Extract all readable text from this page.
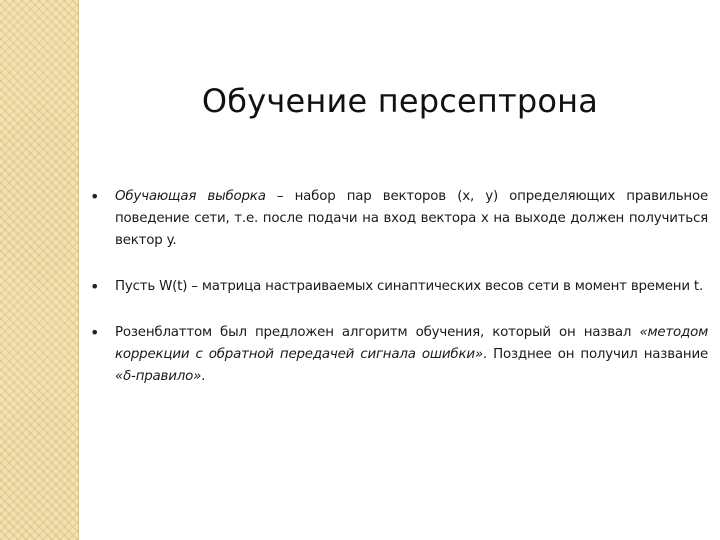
Обучение персептрона
• Обучающая выборка – набор пар векторов (x, y) определяющих правильное поведение сети, т.е. после подачи на вход вектора x на выходе должен получиться вектор y.
• Пусть W(t) – матрица настраиваемых синаптических весов сети в момент времени t.
• Розенблаттом был предложен алгоритм обучения, который он назвал «методом коррекции с обратной передачей сигнала ошибки». Позднее он получил название «δ-правило».
